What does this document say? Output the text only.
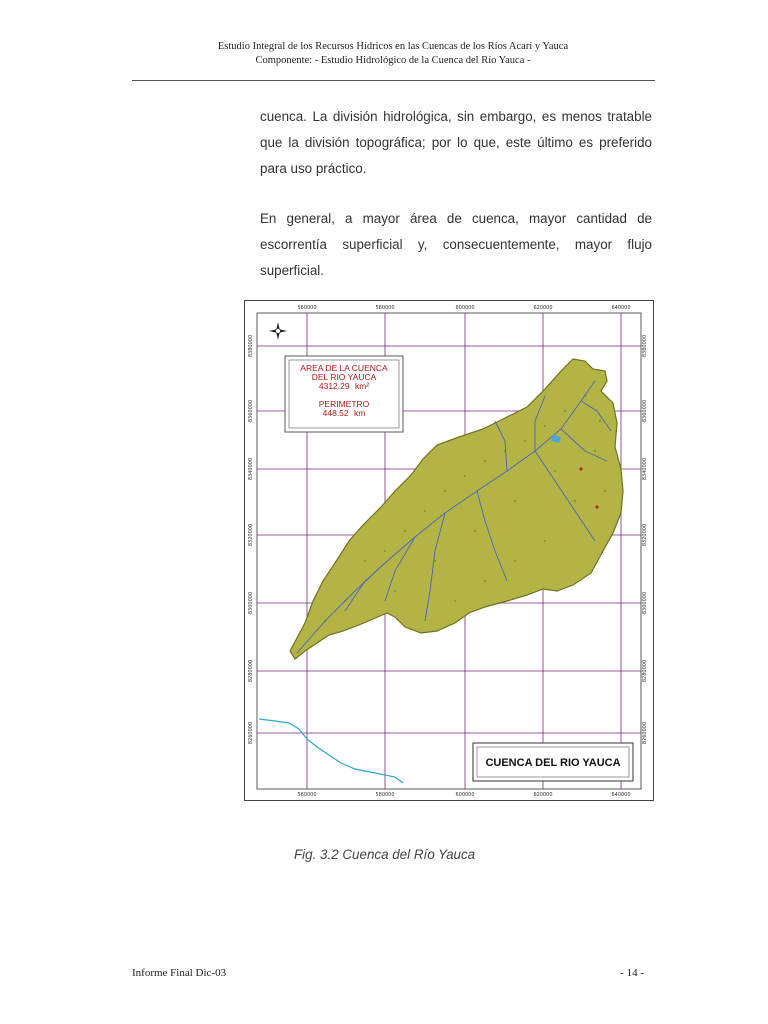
Estudio Integral de los Recursos Hídricos en las Cuencas de los Ríos Acarí y Yauca
Componente: - Estudio Hidrológico de la Cuenca del Río Yauca -

cuenca. La división hidrológica, sin embargo, es menos tratable que la división topográfica; por lo que, este último es preferido para uso práctico.

En general, a mayor área de cuenca, mayor cantidad de escorrentía superficial y, consecuentemente, mayor flujo superficial.

AREA DE LA CUENCA
DEL RIO YAUCA
4312.29 km²
PERIMETRO
448.52 km
CUENCA DEL RIO YAUCA
560000
560000
580000
580000
600000
600000
620000
620000
640000
640000
8380000
8360000
8340000
8320000
8300000
8280000
8260000
8380000
8360000
8340000
8320000
8300000
8280000
8260000
Fig. 3.2 Cuenca del Río Yauca
Informe Final Dic-03	- 14 -
